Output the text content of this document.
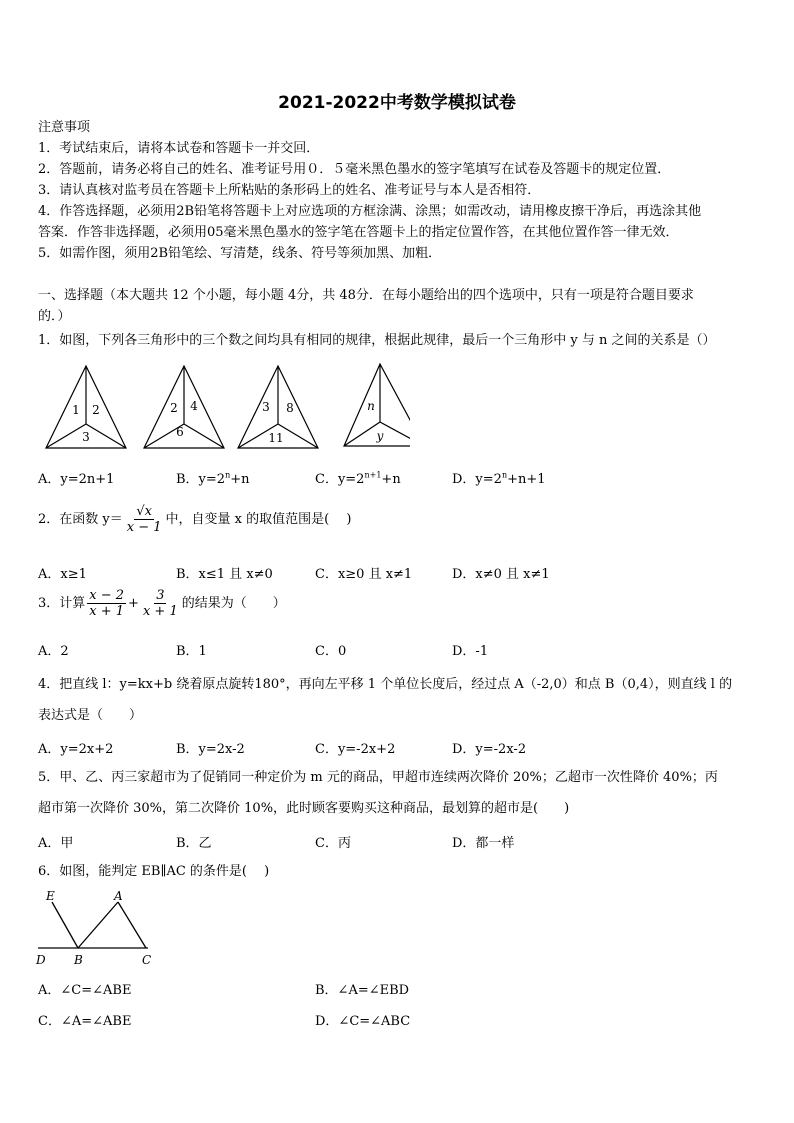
2021-2022中考数学模拟试卷
注意事项
1．考试结束后，请将本试卷和答题卡一并交回．
2．答题前，请务必将自己的姓名、准考证号用０．５毫米黑色墨水的签字笔填写在试卷及答题卡的规定位置．
3．请认真核对监考员在答题卡上所粘贴的条形码上的姓名、准考证号与本人是否相符．
4．作答选择题，必须用2B铅笔将答题卡上对应选项的方框涂满、涂黑；如需改动，请用橡皮擦干净后，再选涂其他
答案．作答非选择题，必须用05毫米黑色墨水的签字笔在答题卡上的指定位置作答，在其他位置作答一律无效．
5．如需作图，须用2B铅笔绘、写清楚，线条、符号等须加黑、加粗．
一、选择题（本大题共 12 个小题，每小题 4分，共 48分．在每小题给出的四个选项中，只有一项是符合题目要求
的．）
1．如图，下列各三角形中的三个数之间均具有相同的规律，根据此规律，最后一个三角形中 y 与 n 之间的关系是（）
1 2
3
2 4
6
3 8
11
n
y
A．y=2n+1	B．$y=2^n+n$	C．$y=2^{n+1}+n$	D．$y=2^n+n+1$
2．在函数 $y= \frac{√x}{x - 1}$ 中，自变量 x 的取值范围是(　 )
A．x≥1	B．x≤1 且 x≠0	C．x≥0 且 x≠1	D．x≠0 且 x≠1
3．计算 $\frac{x - 2}{x + 1} + \frac{3}{x + 1}$ 的结果为（　　）
A．2	B．1	C．0	D．-1
4．把直线 l：y=kx+b 绕着原点旋转180°，再向左平移 1 个单位长度后，经过点 A（-2,0）和点 B（0,4），则直线 l 的
表达式是（　　）
A．y=2x+2	B．y=2x-2	C．y=-2x+2	D．y=-2x-2
5．甲、乙、丙三家超市为了促销同一种定价为 m 元的商品，甲超市连续两次降价 20%；乙超市一次性降价 40%；丙
超市第一次降价 30%，第二次降价 10%，此时顾客要购买这种商品，最划算的超市是(　　)
A．甲	B．乙	C．丙	D．都一样
6．如图，能判定 EB∥AC 的条件是(　 )
E	A
D B	C
A．∠C=∠ABE	B．∠A=∠EBD
C．∠A=∠ABE	D．∠C=∠ABC
